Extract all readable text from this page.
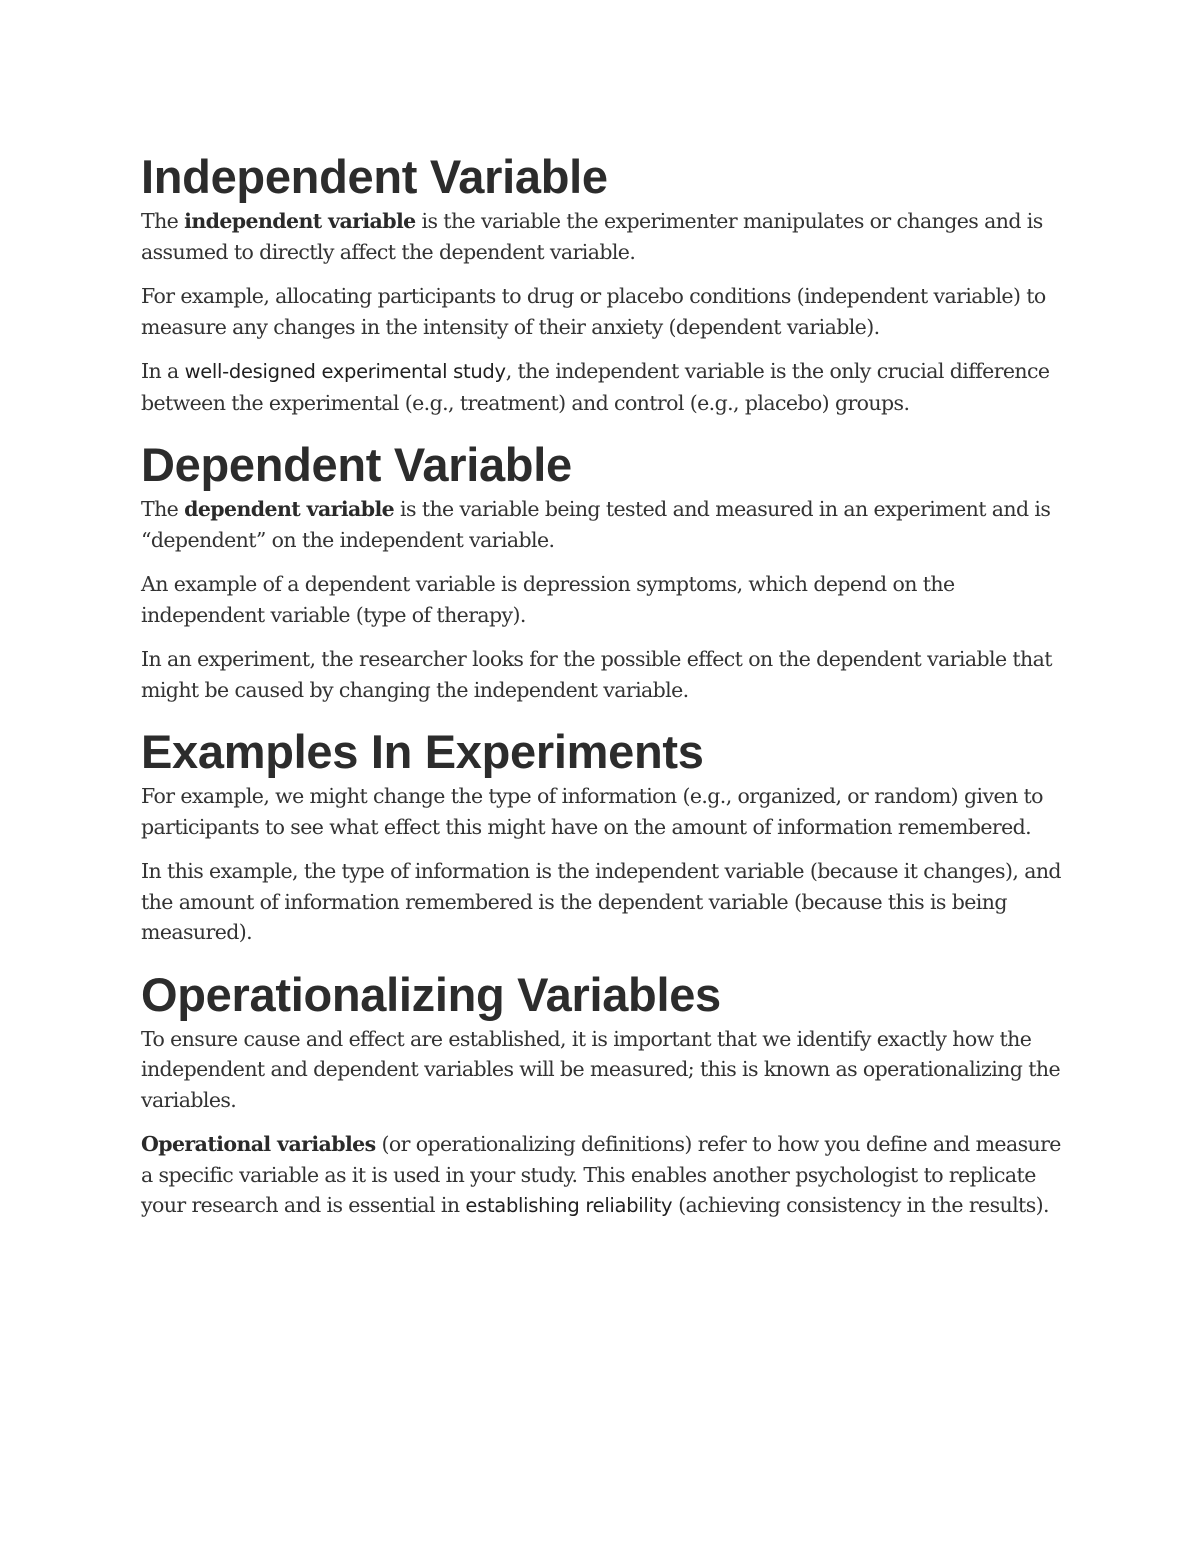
Independent Variable

The independent variable is the variable the experimenter manipulates or changes and is assumed to directly affect the dependent variable.

For example, allocating participants to drug or placebo conditions (independent variable) to measure any changes in the intensity of their anxiety (dependent variable).

In a well-designed experimental study, the independent variable is the only crucial difference between the experimental (e.g., treatment) and control (e.g., placebo) groups.

Dependent Variable

The dependent variable is the variable being tested and measured in an experiment and is “dependent” on the independent variable.

An example of a dependent variable is depression symptoms, which depend on the independent variable (type of therapy).

In an experiment, the researcher looks for the possible effect on the dependent variable that might be caused by changing the independent variable.

Examples In Experiments

For example, we might change the type of information (e.g., organized, or random) given to participants to see what effect this might have on the amount of information remembered.

In this example, the type of information is the independent variable (because it changes), and the amount of information remembered is the dependent variable (because this is being measured).

Operationalizing Variables

To ensure cause and effect are established, it is important that we identify exactly how the independent and dependent variables will be measured; this is known as operationalizing the variables.

Operational variables (or operationalizing definitions) refer to how you define and measure a specific variable as it is used in your study. This enables another psychologist to replicate your research and is essential in establishing reliability (achieving consistency in the results).
